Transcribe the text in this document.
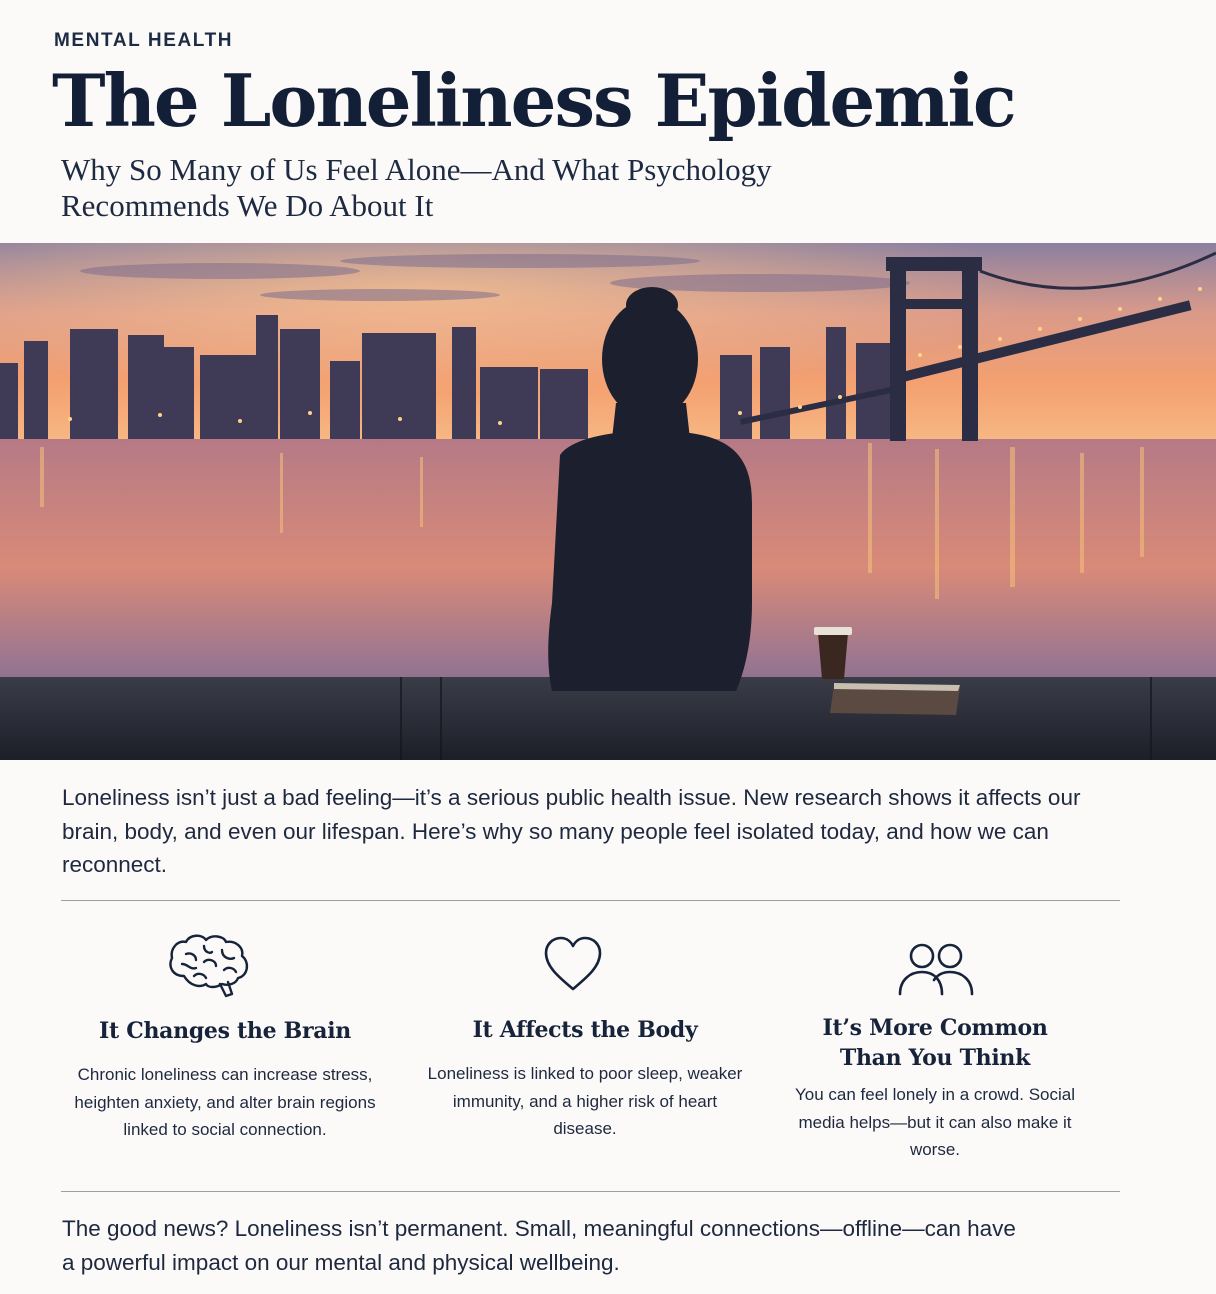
MENTAL HEALTH
The Loneliness Epidemic
Why So Many of Us Feel Alone—And What Psychology Recommends We Do About It

Loneliness isn’t just a bad feeling—it’s a serious public health issue. New research shows it affects our brain, body, and even our lifespan. Here’s why so many people feel isolated today, and how we can reconnect.

It Changes the Brain

Chronic loneliness can increase stress, heighten anxiety, and alter brain regions linked to social connection.

It Affects the Body

Loneliness is linked to poor sleep, weaker immunity, and a higher risk of heart disease.

It’s More Common Than You Think

You can feel lonely in a crowd. Social media helps—but it can also make it worse.

The good news? Loneliness isn’t permanent. Small, meaningful connections—offline—can have a powerful impact on our mental and physical wellbeing.
